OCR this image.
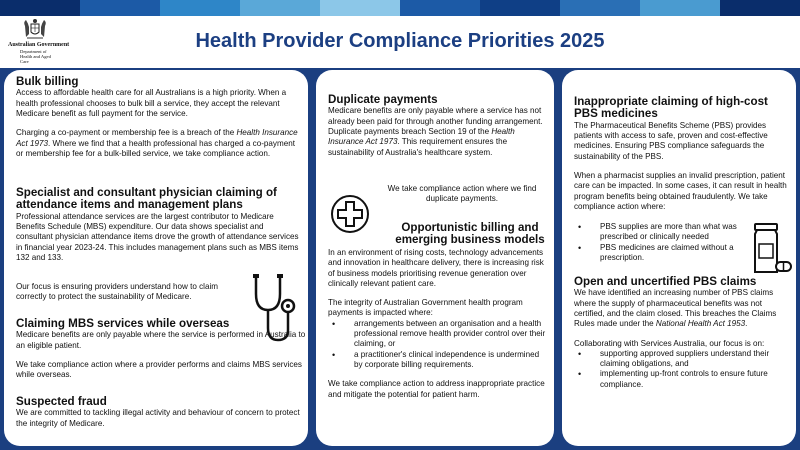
Australian Government
Department of Health and Aged Care
Health Provider Compliance Priorities 2025
Bulk billing

Access to affordable health care for all Australians is a high priority. When a health professional chooses to bulk bill a service, they accept the relevant Medicare benefit as full payment for the service.

Charging a co-payment or membership fee is a breach of the Health Insurance Act 1973. Where we find that a health professional has charged a co-payment or membership fee for a bulk-billed service, we take compliance action.

Specialist and consultant physician claiming of attendance items and management plans

Professional attendance services are the largest contributor to Medicare Benefits Schedule (MBS) expenditure. Our data shows specialist and consultant physician attendance items drove the growth of attendance services in financial year 2023-24. This includes management plans such as MBS items 132 and 133.

Our focus is ensuring providers understand how to claim correctly to protect the sustainability of Medicare.

Claiming MBS services while overseas

Medicare benefits are only payable where the service is performed in Australia to an eligible patient.

We take compliance action where a provider performs and claims MBS services while overseas.

Suspected fraud

We are committed to tackling illegal activity and behaviour of concern to protect the integrity of Medicare.

Duplicate payments

Medicare benefits are only payable where a service has not already been paid for through another funding arrangement. Duplicate payments breach Section 19 of the Health Insurance Act 1973. This requirement ensures the sustainability of Australia's healthcare system.

We take compliance action where we find duplicate payments.

Opportunistic billing and emerging business models

In an environment of rising costs, technology advancements and innovation in healthcare delivery, there is increasing risk of business models prioritising revenue generation over clinically relevant patient care.

The integrity of Australian Government health program payments is impacted where:

• arrangements between an organisation and a health professional remove health provider control over their claiming, or
• a practitioner's clinical independence is undermined by corporate billing requirements.

We take compliance action to address inappropriate practice and mitigate the potential for patient harm.

Inappropriate claiming of high-cost PBS medicines

The Pharmaceutical Benefits Scheme (PBS) provides patients with access to safe, proven and cost-effective medicines. Ensuring PBS compliance safeguards the sustainability of the PBS.

When a pharmacist supplies an invalid prescription, patient care can be impacted. In some cases, it can result in health program benefits being obtained fraudulently. We take compliance action where:

• PBS supplies are more than what was prescribed or clinically needed
• PBS medicines are claimed without a prescription.
Open and uncertified PBS claims

We have identified an increasing number of PBS claims where the supply of pharmaceutical benefits was not certified, and the claim closed. This breaches the Claims Rules made under the National Health Act 1953.

Collaborating with Services Australia, our focus is on:

• supporting approved suppliers understand their claiming obligations, and
• implementing up-front controls to ensure future compliance.
